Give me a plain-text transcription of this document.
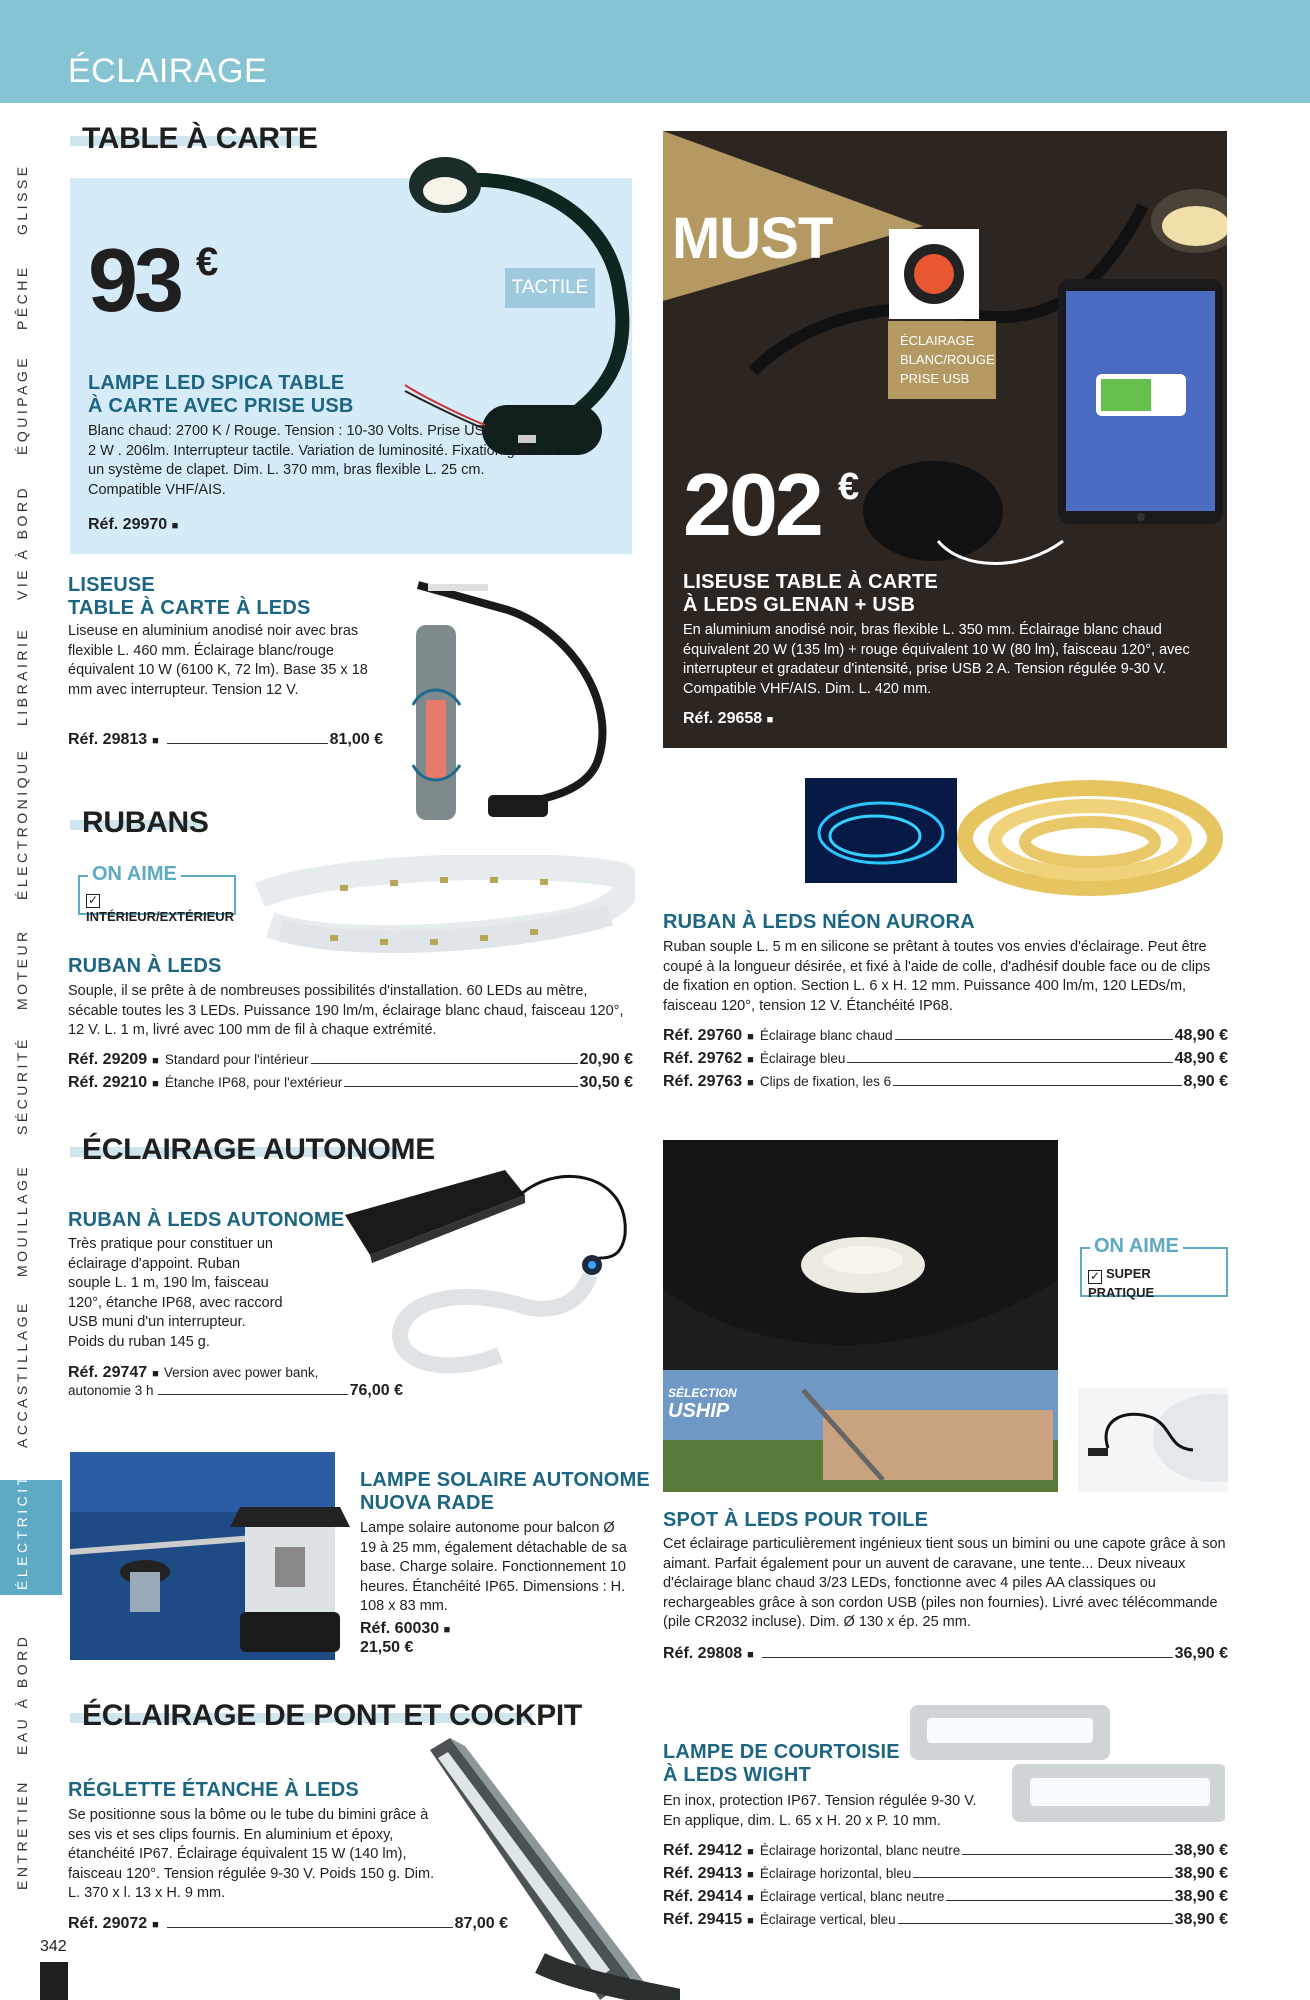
ÉCLAIRAGE
GLISSE
PÊCHE
ÉQUIPAGE
VIE À BORD
LIBRAIRIE
ÉLECTRONIQUE
MOTEUR
SÉCURITÉ
MOUILLAGE
ACCASTILLAGE
EAU À BORD
ENTRETIEN
342
TABLE À CARTE
93 €
TACTILE
LAMPE LED SPICA TABLE
À CARTE AVEC PRISE USB
Blanc chaud: 2700 K / Rouge. Tension : 10-30 Volts. Prise USB 5 V - 2 A 2 W . 206lm. Interrupteur tactile. Variation de luminosité. Fixation grâce à un système de clapet. Dim. L. 370 mm, bras flexible L. 25 cm. Compatible VHF/AIS.
Réf. 29970 ■
LISEUSE
TABLE À CARTE À LEDS
Liseuse en aluminium anodisé noir avec bras flexible L. 460 mm. Éclairage blanc/rouge équivalent 10 W (6100 K, 72 lm). Base 35 x 18 mm avec interrupteur. Tension 12 V.
Réf. 29813 ■	81,00 €
MUST
ÉCLAIRAGE
BLANC/ROUGE
PRISE USB
202 €
LISEUSE TABLE À CARTE
À LEDS GLENAN + USB
En aluminium anodisé noir, bras flexible L. 350 mm. Éclairage blanc chaud équivalent 20 W (135 lm) + rouge équivalent 10 W (80 lm), faisceau 120°, avec interrupteur et gradateur d'intensité, prise USB 2 A. Tension régulée 9-30 V. Compatible VHF/AIS. Dim. L. 420 mm.
Réf. 29658 ■
RUBANS
ON AIME
✓INTÉRIEUR/EXTÉRIEUR
RUBAN À LEDS
Souple, il se prête à de nombreuses possibilités d'installation. 60 LEDs au mètre, sécable toutes les 3 LEDs. Puissance 190 lm/m, éclairage blanc chaud, faisceau 120°, 12 V. L. 1 m, livré avec 100 mm de fil à chaque extrémité.
Réf. 29209 ■ Standard pour l'intérieur	20,90 €
Réf. 29210 ■ Étanche IP68, pour l'extérieur	30,50 €
RUBAN À LEDS NÉON AURORA
Ruban souple L. 5 m en silicone se prêtant à toutes vos envies d'éclairage. Peut être coupé à la longueur désirée, et fixé à l'aide de colle, d'adhésif double face ou de clips de fixation en option. Section L. 6 x H. 12 mm. Puissance 400 lm/m, 120 LEDs/m, faisceau 120°, tension 12 V. Étanchéité IP68.
Réf. 29760 ■ Éclairage blanc chaud	48,90 €
Réf. 29762 ■ Éclairage bleu	48,90 €
Réf. 29763 ■ Clips de fixation, les 6	8,90 €
ÉCLAIRAGE AUTONOME
RUBAN À LEDS AUTONOME
Très pratique pour constituer un éclairage d'appoint. Ruban souple L. 1 m, 190 lm, faisceau 120°, étanche IP68, avec raccord USB muni d'un interrupteur. Poids du ruban 145 g.
Réf. 29747 ■ Version avec power bank,
autonomie 3 h	76,00 €
LAMPE SOLAIRE AUTONOME
NUOVA RADE
Lampe solaire autonome pour balcon Ø 19 à 25 mm, également détachable de sa base. Charge solaire. Fonctionnement 10 heures. Étanchéité IP65. Dimensions : H. 108 x 83 mm.
Réf. 60030 ■
21,50 €
SÉLECTION
USHIP
ON AIME
✓ SUPER PRATIQUE
SPOT À LEDS POUR TOILE
Cet éclairage particulièrement ingénieux tient sous un bimini ou une capote grâce à son aimant. Parfait également pour un auvent de caravane, une tente... Deux niveaux d'éclairage blanc chaud 3/23 LEDs, fonctionne avec 4 piles AA classiques ou rechargeables grâce à son cordon USB (piles non fournies). Livré avec télécommande (pile CR2032 incluse). Dim. Ø 130 x ép. 25 mm.
Réf. 29808 ■	36,90 €
ÉCLAIRAGE DE PONT ET COCKPIT
RÉGLETTE ÉTANCHE À LEDS
Se positionne sous la bôme ou le tube du bimini grâce à ses vis et ses clips fournis. En aluminium et époxy, étanchéité IP67. Éclairage équivalent 15 W (140 lm), faisceau 120°. Tension régulée 9-30 V. Poids 150 g. Dim. L. 370 x l. 13 x H. 9 mm.
Réf. 29072 ■	87,00 €
LAMPE DE COURTOISIE
À LEDS WIGHT
En inox, protection IP67. Tension régulée 9-30 V. En applique, dim. L. 65 x H. 20 x P. 10 mm.
Réf. 29412 ■ Éclairage horizontal, blanc neutre	38,90 €
Réf. 29413 ■ Éclairage horizontal, bleu	38,90 €
Réf. 29414 ■ Éclairage vertical, blanc neutre	38,90 €
Réf. 29415 ■ Éclairage vertical, bleu	38,90 €
